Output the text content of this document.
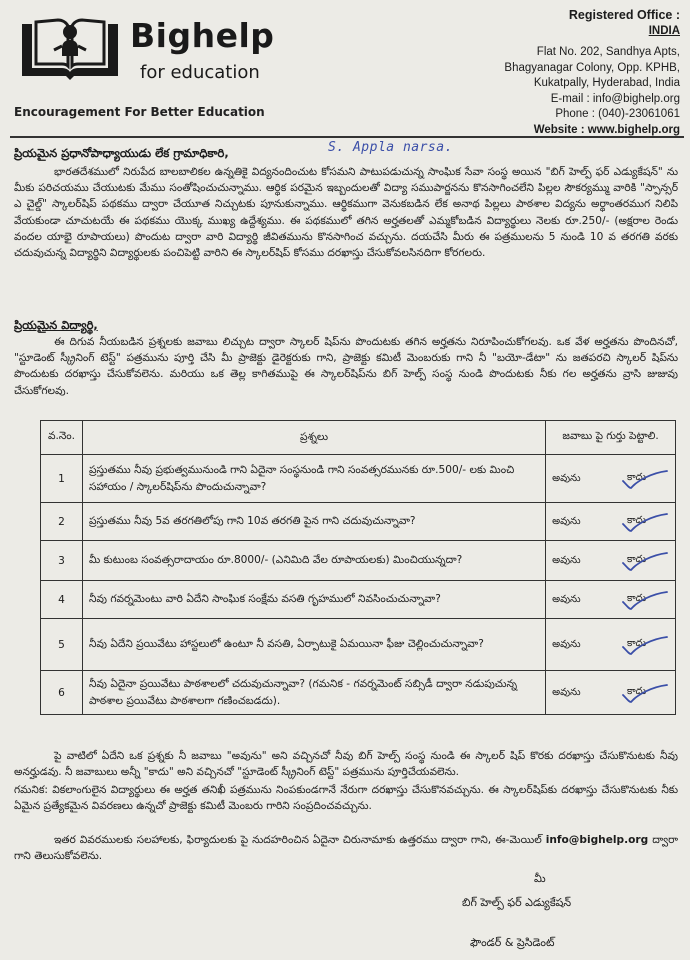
Bighelp
for education
Encouragement For Better Education
Registered Office :
INDIA
Flat No. 202, Sandhya Apts,
Bhagyanagar Colony, Opp. KPHB,
Kukatpally, Hyderabad, India
E-mail : info@bighelp.org
Phone : (040)-23061061
Website : www.bighelp.org
ప్రియమైన ప్రధానోపాధ్యాయుడు లేక గ్రామాధికారి,	S. Appla narsa.
భారతదేశములో నిరుపేద బాలబాలికల ఉన్నతికై విద్యనందించుట కోసమని పాటుపడుచున్న సాంఘిక సేవా సంస్థ అయిన "బిగ్ హెల్ప్ ఫర్ ఎడ్యుకేషన్" ను మీకు పరిచయము చేయుటకు మేము సంతోషించుచున్నాము. ఆర్థిక పరమైన ఇబ్బందులతో విద్యా సముపార్జనను కొనసాగించలేని పిల్లల సౌకర్యమ్ము వారికి "స్పాన్సర్ ఎ చైల్డ్" స్కాలర్‌షిప్ పథకము ద్వారా చేయూత నిచ్చుటకు పూనుకున్నాము. ఆర్థికముగా వెనుకబడిన లేక అనాథ పిల్లలు పాఠశాల విద్యను అర్థాంతరముగ నిలిపి వేయకుండా చూచుటయే ఈ పథకము యొక్క ముఖ్య ఉద్దేశ్యము. ఈ పథకములో తగిన అర్హతలతో ఎమ్మకోబడిన విద్యార్థులు నెలకు రూ.250/- (అక్షరాల రెండు వందల యాభై రూపాయలు) పొందుట ద్వారా వారి విద్యార్థి జీవితమును కొనసాగించ వచ్చును. దయచేసి మీరు ఈ పత్రములను 5 నుండి 10 వ తరగతి వరకు చదువుచున్న విద్యార్థిని విద్యార్థులకు పంచిపెట్టి వారిని ఈ స్కాలర్‌షిప్ కోసము దరఖాస్తు చేసుకోవలసినదిగా కోరగలరు.
ప్రియమైన విద్యార్థి,
ఈ దిగువ నీయబడిన ప్రశ్నలకు జవాబు లిచ్చుట ద్వారా స్కాలర్ షిప్‌ను పొందుటకు తగిన అర్హతను నిరూపించుకోగలవు. ఒక వేళ అర్హతను పొందినచో, "స్టూడెంట్ స్క్రీనింగ్ టెస్ట్" పత్రమును పూర్తి చేసి మీ ప్రాజెక్టు డైరెక్టరుకు గాని, ప్రాజెక్టు కమిటీ మెంబరుకు గాని నీ "బయో-డేటా" ను జతపరచి స్కాలర్ షిప్‌ను పొందుటకు దరఖాస్తు చేసుకోవలెను. మరియు ఒక తెల్ల కాగితముపై ఈ స్కాలర్‌షిప్‌ను బిగ్ హెల్ప్ సంస్థ నుండి పొందుటకు నీకు గల అర్హతను వ్రాసి జుజువు చేసుకోగలవు.
వ.నెం.	ప్రశ్నలు	జవాబు పై గుర్తు పెట్టాలి.
1	ప్రస్తుతము నీవు ప్రభుత్వమునుండి గాని ఏదైనా సంస్థనుండి గాని సంవత్సరమునకు రూ.500/- లకు మించి సహాయం / స్కాలర్‌షిప్‌ను పొందుచున్నావా?	అవును కాదు

2	ప్రస్తుతము నీవు 5వ తరగతిలోపు గాని 10వ తరగతి పైన గాని చదువుచున్నావా?	అవును కాదు

3	మీ కుటుంబ సంవత్సరాదాయం రూ.8000/- (ఎనిమిది వేల రూపాయలకు) మించియున్నదా?	అవును కాదు

4	నీవు గవర్నమెంటు వారి ఏదేని సాంఘిక సంక్షేమ వసతి గృహములో నివసించుచున్నావా?	అవును కాదు

5	నీవు ఏదేని ప్రయివేటు హాస్టలులో ఉంటూ నీ వసతి, ఏర్పాటుకై ఏమయినా ఫీజు చెల్లించుచున్నావా?	అవును కాదు

6	నీవు ఏదైనా ప్రయివేటు పాఠశాలలో చదువుచున్నావా? (గమనిక - గవర్నమెంట్ సబ్సిడీ ద్వారా నడుపుచున్న పాఠశాల ప్రయివేటు పాఠశాలగా గణించబడదు).	అవును కాదు
పై వాటిలో ఏదేని ఒక ప్రశ్నకు నీ జవాబు "అవును" అని వచ్చినచో నీవు బిగ్ హెల్ప్ సంస్థ నుండి ఈ స్కాలర్ షిప్ కొరకు దరఖాస్తు చేసుకొనుటకు నీవు అనర్హుడవు. నీ జవాబులు అన్నీ "కాదు" అని వచ్చినచో "స్టూడెంట్ స్క్రీనింగ్ టెస్ట్" పత్రమును పూర్తిచేయవలెను.
గమనిక: వికలాంగులైన విద్యార్థులు ఈ అర్హత తనిఖీ పత్రమును నింపకుండగానే నేరుగా దరఖాస్తు చేసుకొనవచ్చును. ఈ స్కాలర్‌షిప్‌కు దరఖాస్తు చేసుకొనుటకు నీకు ఏమైన ప్రత్యేకమైన వివరణలు ఉన్నచో ప్రాజెక్టు కమిటీ మెంబరు గారిని సంప్రదించవచ్చును.
ఇతర వివరములకు సలహాలకు, ఫిర్యాదులకు పై నుదహరించిన ఏదైనా చిరునామాకు ఉత్తరము ద్వారా గాని, ఈ-మెయిల్ info@bighelp.org ద్వారా గాని తెలుసుకోవలెను.
మీ
బిగ్ హెల్ప్ ఫర్ ఎడ్యుకేషన్
ఫౌండర్ & ప్రెసిడెంట్
